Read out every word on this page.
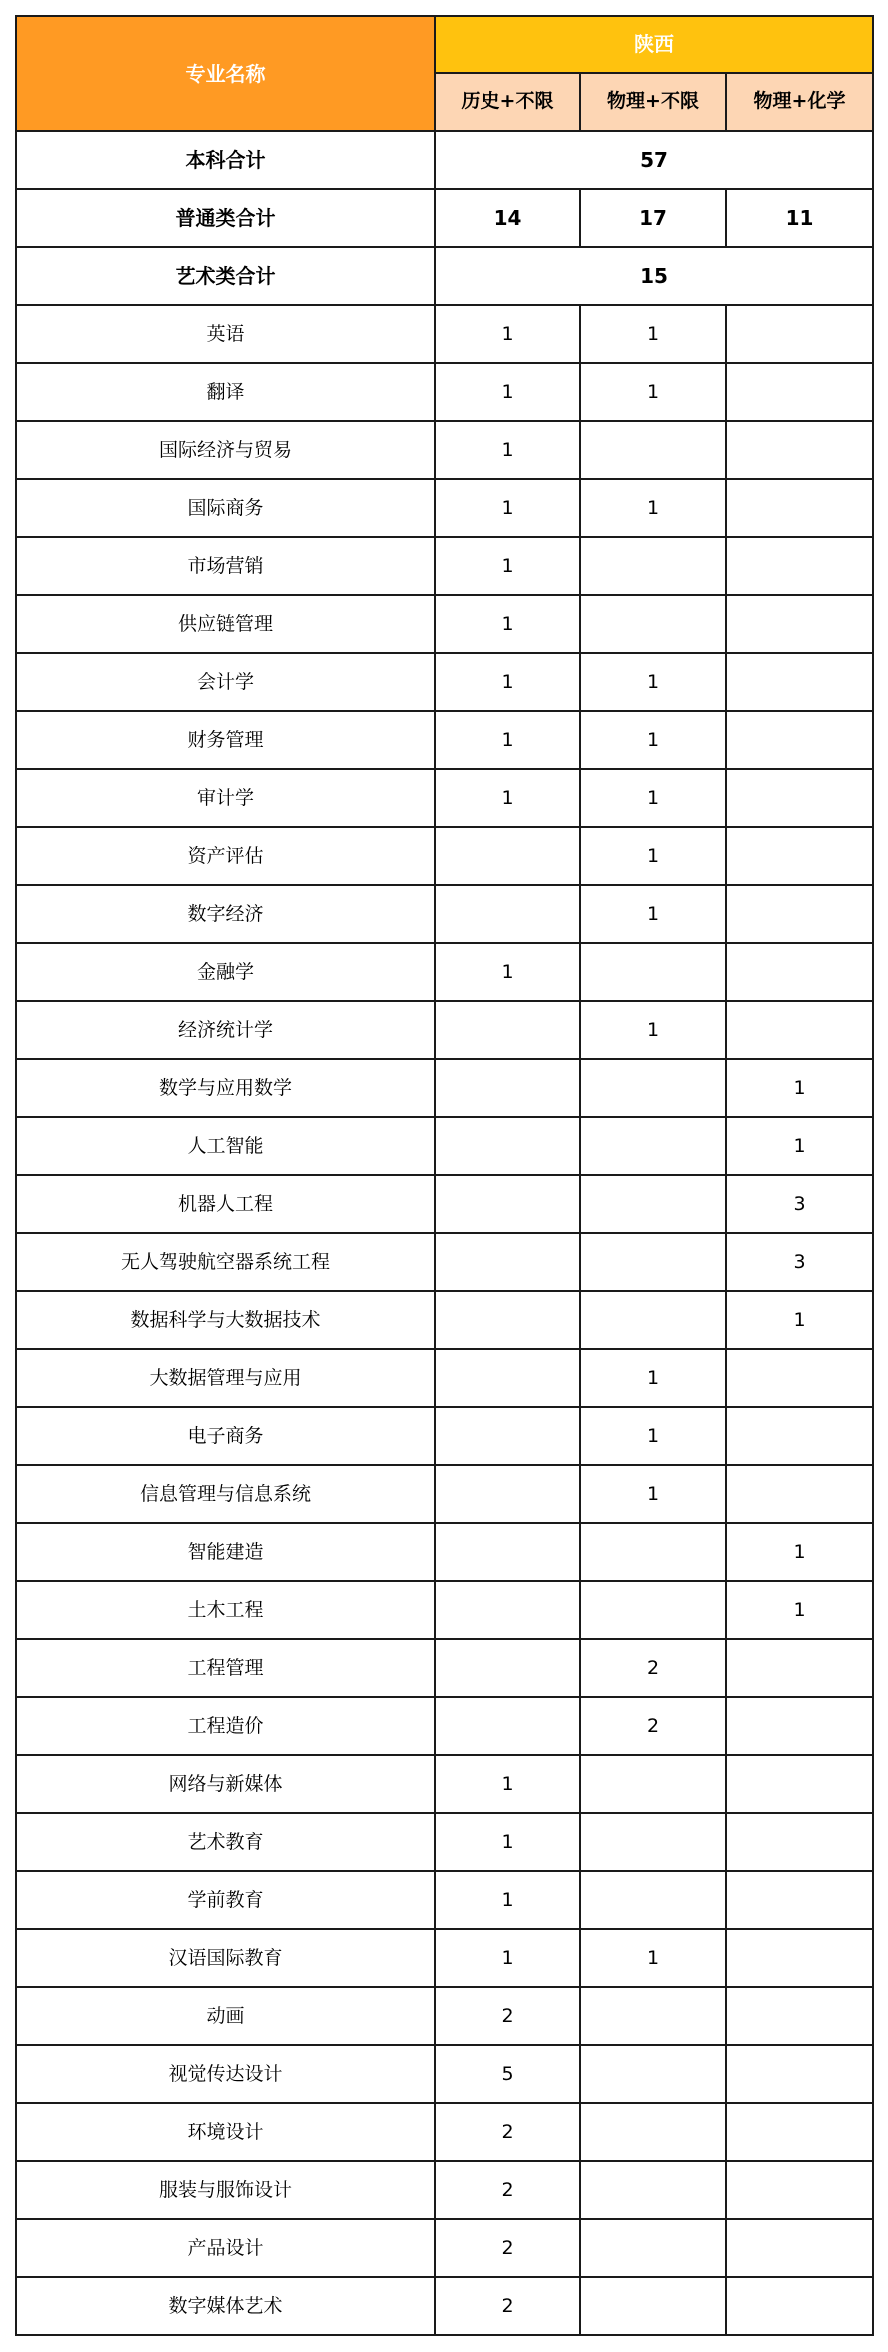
专业名称	陕西		
	历史+不限	物理+不限	物理+化学
本科合计	57		
普通类合计	14	17	11
艺术类合计	15		
英语	1	1	
翻译	1	1	
国际经济与贸易	1		
国际商务	1	1	
市场营销	1		
供应链管理	1		
会计学	1	1	
财务管理	1	1	
审计学	1	1	
资产评估		1	
数字经济		1	
金融学	1		
经济统计学		1	
数学与应用数学			1
人工智能			1
机器人工程			3
无人驾驶航空器系统工程			3
数据科学与大数据技术			1
大数据管理与应用		1	
电子商务		1	
信息管理与信息系统		1	
智能建造			1
土木工程			1
工程管理		2	
工程造价		2	
网络与新媒体	1		
艺术教育	1		
学前教育	1		
汉语国际教育	1	1	
动画	2		
视觉传达设计	5		
环境设计	2		
服装与服饰设计	2		
产品设计	2		
数字媒体艺术	2		
